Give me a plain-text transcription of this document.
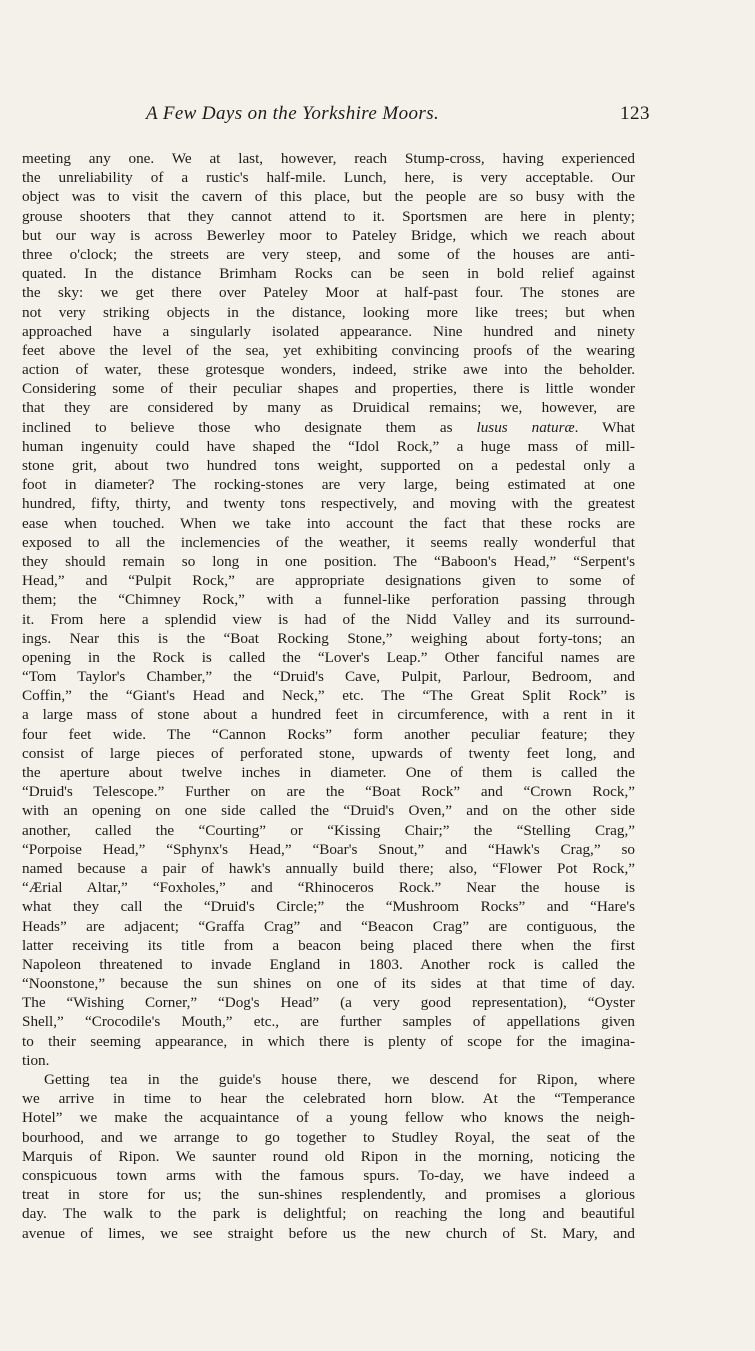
A Few Days on the Yorkshire Moors.	123
meeting any one. We at last, however, reach Stump-cross, having experienced
the unreliability of a rustic's half-mile. Lunch, here, is very acceptable. Our
object was to visit the cavern of this place, but the people are so busy with the
grouse shooters that they cannot attend to it. Sportsmen are here in plenty;
but our way is across Bewerley moor to Pateley Bridge, which we reach about
three o'clock; the streets are very steep, and some of the houses are anti-
quated. In the distance Brimham Rocks can be seen in bold relief against
the sky: we get there over Pateley Moor at half-past four. The stones are
not very striking objects in the distance, looking more like trees; but when
approached have a singularly isolated appearance. Nine hundred and ninety
feet above the level of the sea, yet exhibiting convincing proofs of the wearing
action of water, these grotesque wonders, indeed, strike awe into the beholder.
Considering some of their peculiar shapes and properties, there is little wonder
that they are considered by many as Druidical remains; we, however, are
inclined to believe those who designate them as lusus naturæ. What
human ingenuity could have shaped the “Idol Rock,” a huge mass of mill-
stone grit, about two hundred tons weight, supported on a pedestal only a
foot in diameter? The rocking-stones are very large, being estimated at one
hundred, fifty, thirty, and twenty tons respectively, and moving with the greatest
ease when touched. When we take into account the fact that these rocks are
exposed to all the inclemencies of the weather, it seems really wonderful that
they should remain so long in one position. The “Baboon's Head,” “Serpent's
Head,” and “Pulpit Rock,” are appropriate designations given to some of
them; the “Chimney Rock,” with a funnel-like perforation passing through
it. From here a splendid view is had of the Nidd Valley and its surround-
ings. Near this is the “Boat Rocking Stone,” weighing about forty-tons; an
opening in the Rock is called the “Lover's Leap.” Other fanciful names are
“Tom Taylor's Chamber,” the “Druid's Cave, Pulpit, Parlour, Bedroom, and
Coffin,” the “Giant's Head and Neck,” etc. The “The Great Split Rock” is
a large mass of stone about a hundred feet in circumference, with a rent in it
four feet wide. The “Cannon Rocks” form another peculiar feature; they
consist of large pieces of perforated stone, upwards of twenty feet long, and
the aperture about twelve inches in diameter. One of them is called the
“Druid's Telescope.” Further on are the “Boat Rock” and “Crown Rock,”
with an opening on one side called the “Druid's Oven,” and on the other side
another, called the “Courting” or “Kissing Chair;” the “Stelling Crag,”
“Porpoise Head,” “Sphynx's Head,” “Boar's Snout,” and “Hawk's Crag,” so
named because a pair of hawk's annually build there; also, “Flower Pot Rock,”
“Ærial Altar,” “Foxholes,” and “Rhinoceros Rock.” Near the house is
what they call the “Druid's Circle;” the “Mushroom Rocks” and “Hare's
Heads” are adjacent; “Graffa Crag” and “Beacon Crag” are contiguous, the
latter receiving its title from a beacon being placed there when the first
Napoleon threatened to invade England in 1803. Another rock is called the
“Noonstone,” because the sun shines on one of its sides at that time of day.
The “Wishing Corner,” “Dog's Head” (a very good representation), “Oyster
Shell,” “Crocodile's Mouth,” etc., are further samples of appellations given
to their seeming appearance, in which there is plenty of scope for the imagina-
tion.
Getting tea in the guide's house there, we descend for Ripon, where
we arrive in time to hear the celebrated horn blow. At the “Temperance
Hotel” we make the acquaintance of a young fellow who knows the neigh-
bourhood, and we arrange to go together to Studley Royal, the seat of the
Marquis of Ripon. We saunter round old Ripon in the morning, noticing the
conspicuous town arms with the famous spurs. To-day, we have indeed a
treat in store for us; the sun-shines resplendently, and promises a glorious
day. The walk to the park is delightful; on reaching the long and beautiful
avenue of limes, we see straight before us the new church of St. Mary, and
